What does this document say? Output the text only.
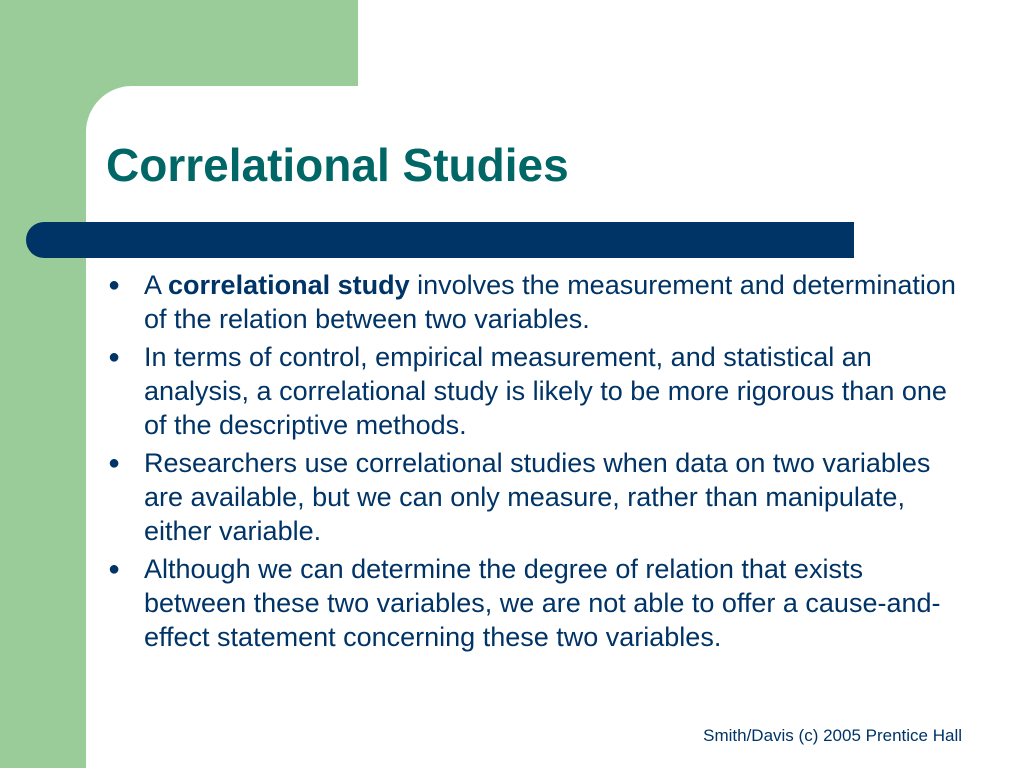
Correlational Studies
● A correlational study involves the measurement and determination of the relation between two variables.
● In terms of control, empirical measurement, and statistical an analysis, a correlational study is likely to be more rigorous than one of the descriptive methods.
● Researchers use correlational studies when data on two variables are available, but we can only measure, rather than manipulate, either variable.
● Although we can determine the degree of relation that exists between these two variables, we are not able to offer a cause-and-effect statement concerning these two variables.
Smith/Davis (c) 2005 Prentice Hall
